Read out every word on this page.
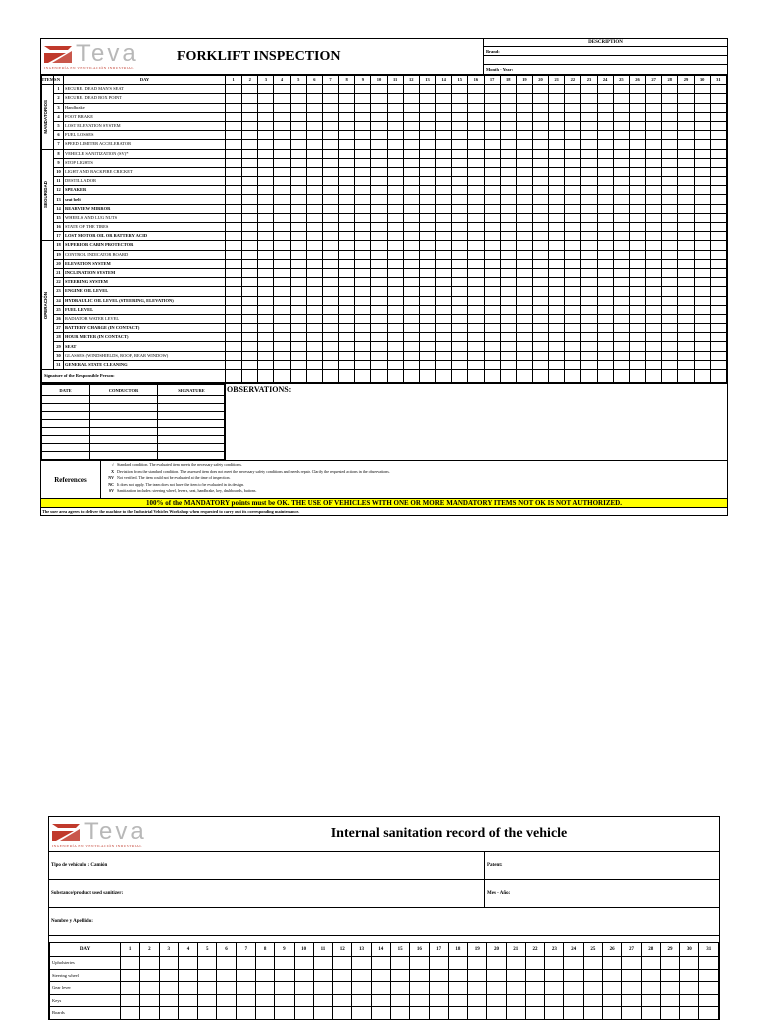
Teva
INGENIERÍA EN VENTILACIÓN INDUSTRIAL
FORKLIFT INSPECTION
DESCRIPTION
Brand:
Month - Year:
ITEMS	N	DAY	1	2	3	4	5	6	7	8	9	10	11	12	13	14	15	16	17	18	19	20	21	22	23	24	25	26	27	28	29	30	31

MANDATORIOS	1	SECURE. DEAD MAN'S SEAT																															
	2	SECURE. DEAD BOX POINT																															
	3	Handbrake																															
	4	FOOT BRAKE																															
	5	LOST ELEVATION SYSTEM																															
	6	FUEL LOSSES																															
	7	SPEED LIMITER ACCELERATOR																															

SEGURIDAD	8	VEHICLE SANITIZATION (SV)*																															
	9	STOP LIGHTS																															
	10	LIGHT AND BACKFIRE CRICKET																															
	11	DESTILLADOR																															
	12	SPEAKER																															
	13	seat belt																															
	14	REARVIEW MIRROR																															
	15	WHEELS AND LUG NUTS																															
	16	STATE OF THE TIRES																															
	17	LOST MOTOR OIL OR BATTERY ACID																															

OPERACIÓN	18	SUPERIOR CABIN PROTECTOR																															
	19	CONTROL INDICATOR BOARD																															
	20	ELEVATION SYSTEM																															
	21	INCLINATION SYSTEM																															
	22	STEERING SYSTEM																															
	23	ENGINE OIL LEVEL																															
	24	HYDRAULIC OIL LEVEL (STEERING, ELEVATION)																															
	25	FUEL LEVEL																															
	26	RADIATOR WATER LEVEL																															
	27	BATTERY CHARGE (IN CONTACT)																															
	28	HOUR METER (IN CONTACT)																															
	29	SEAT																															
	30	GLASSES (WINDSHIELDS, ROOF, REAR WINDOW)																															
	31	GENERAL STATE CLEANING																															
Signature of the Responsible Person:																																	
DATE	CONDUCTOR	SIGNATURE

			OBSERVATIONS:
References
√ Standard condition. The evaluated item meets the necessary safety conditions.
X Deviation from the standard condition. The assessed item does not meet the necessary safety conditions and needs repair. Clarify the requested actions in the observations.
NV Not verified. The item could not be evaluated at the time of inspection.
NC It does not apply. The team does not have the item to be evaluated in its design.
SV Sanitization includes: steering wheel, levers, seat, handbrake, key, dashboards, buttons.
100% of the MANDATORY points must be OK. THE USE OF VEHICLES WITH ONE OR MORE MANDATORY ITEMS NOT OK IS NOT AUTHORIZED.
The user area agrees to deliver the machine to the Industrial Vehicles Workshop when requested to carry out its corresponding maintenance.
Teva
INGENIERÍA EN VENTILACIÓN INDUSTRIAL
Internal sanitation record of the vehicle
Tipo de vehículo : Camión	Patent:
Substance/product used sanitizer:	Mes - Año:
Nombre y Apellido:
DAY	1	2	3	4	5	6	7	8	9	10	11	12	13	14	15	16	17	18	19	20	21	22	23	24	25	26	27	28	29	30	31
Upholsteries																															
Steering wheel																															
Gear lever																															
Keys																															
Boards																															
